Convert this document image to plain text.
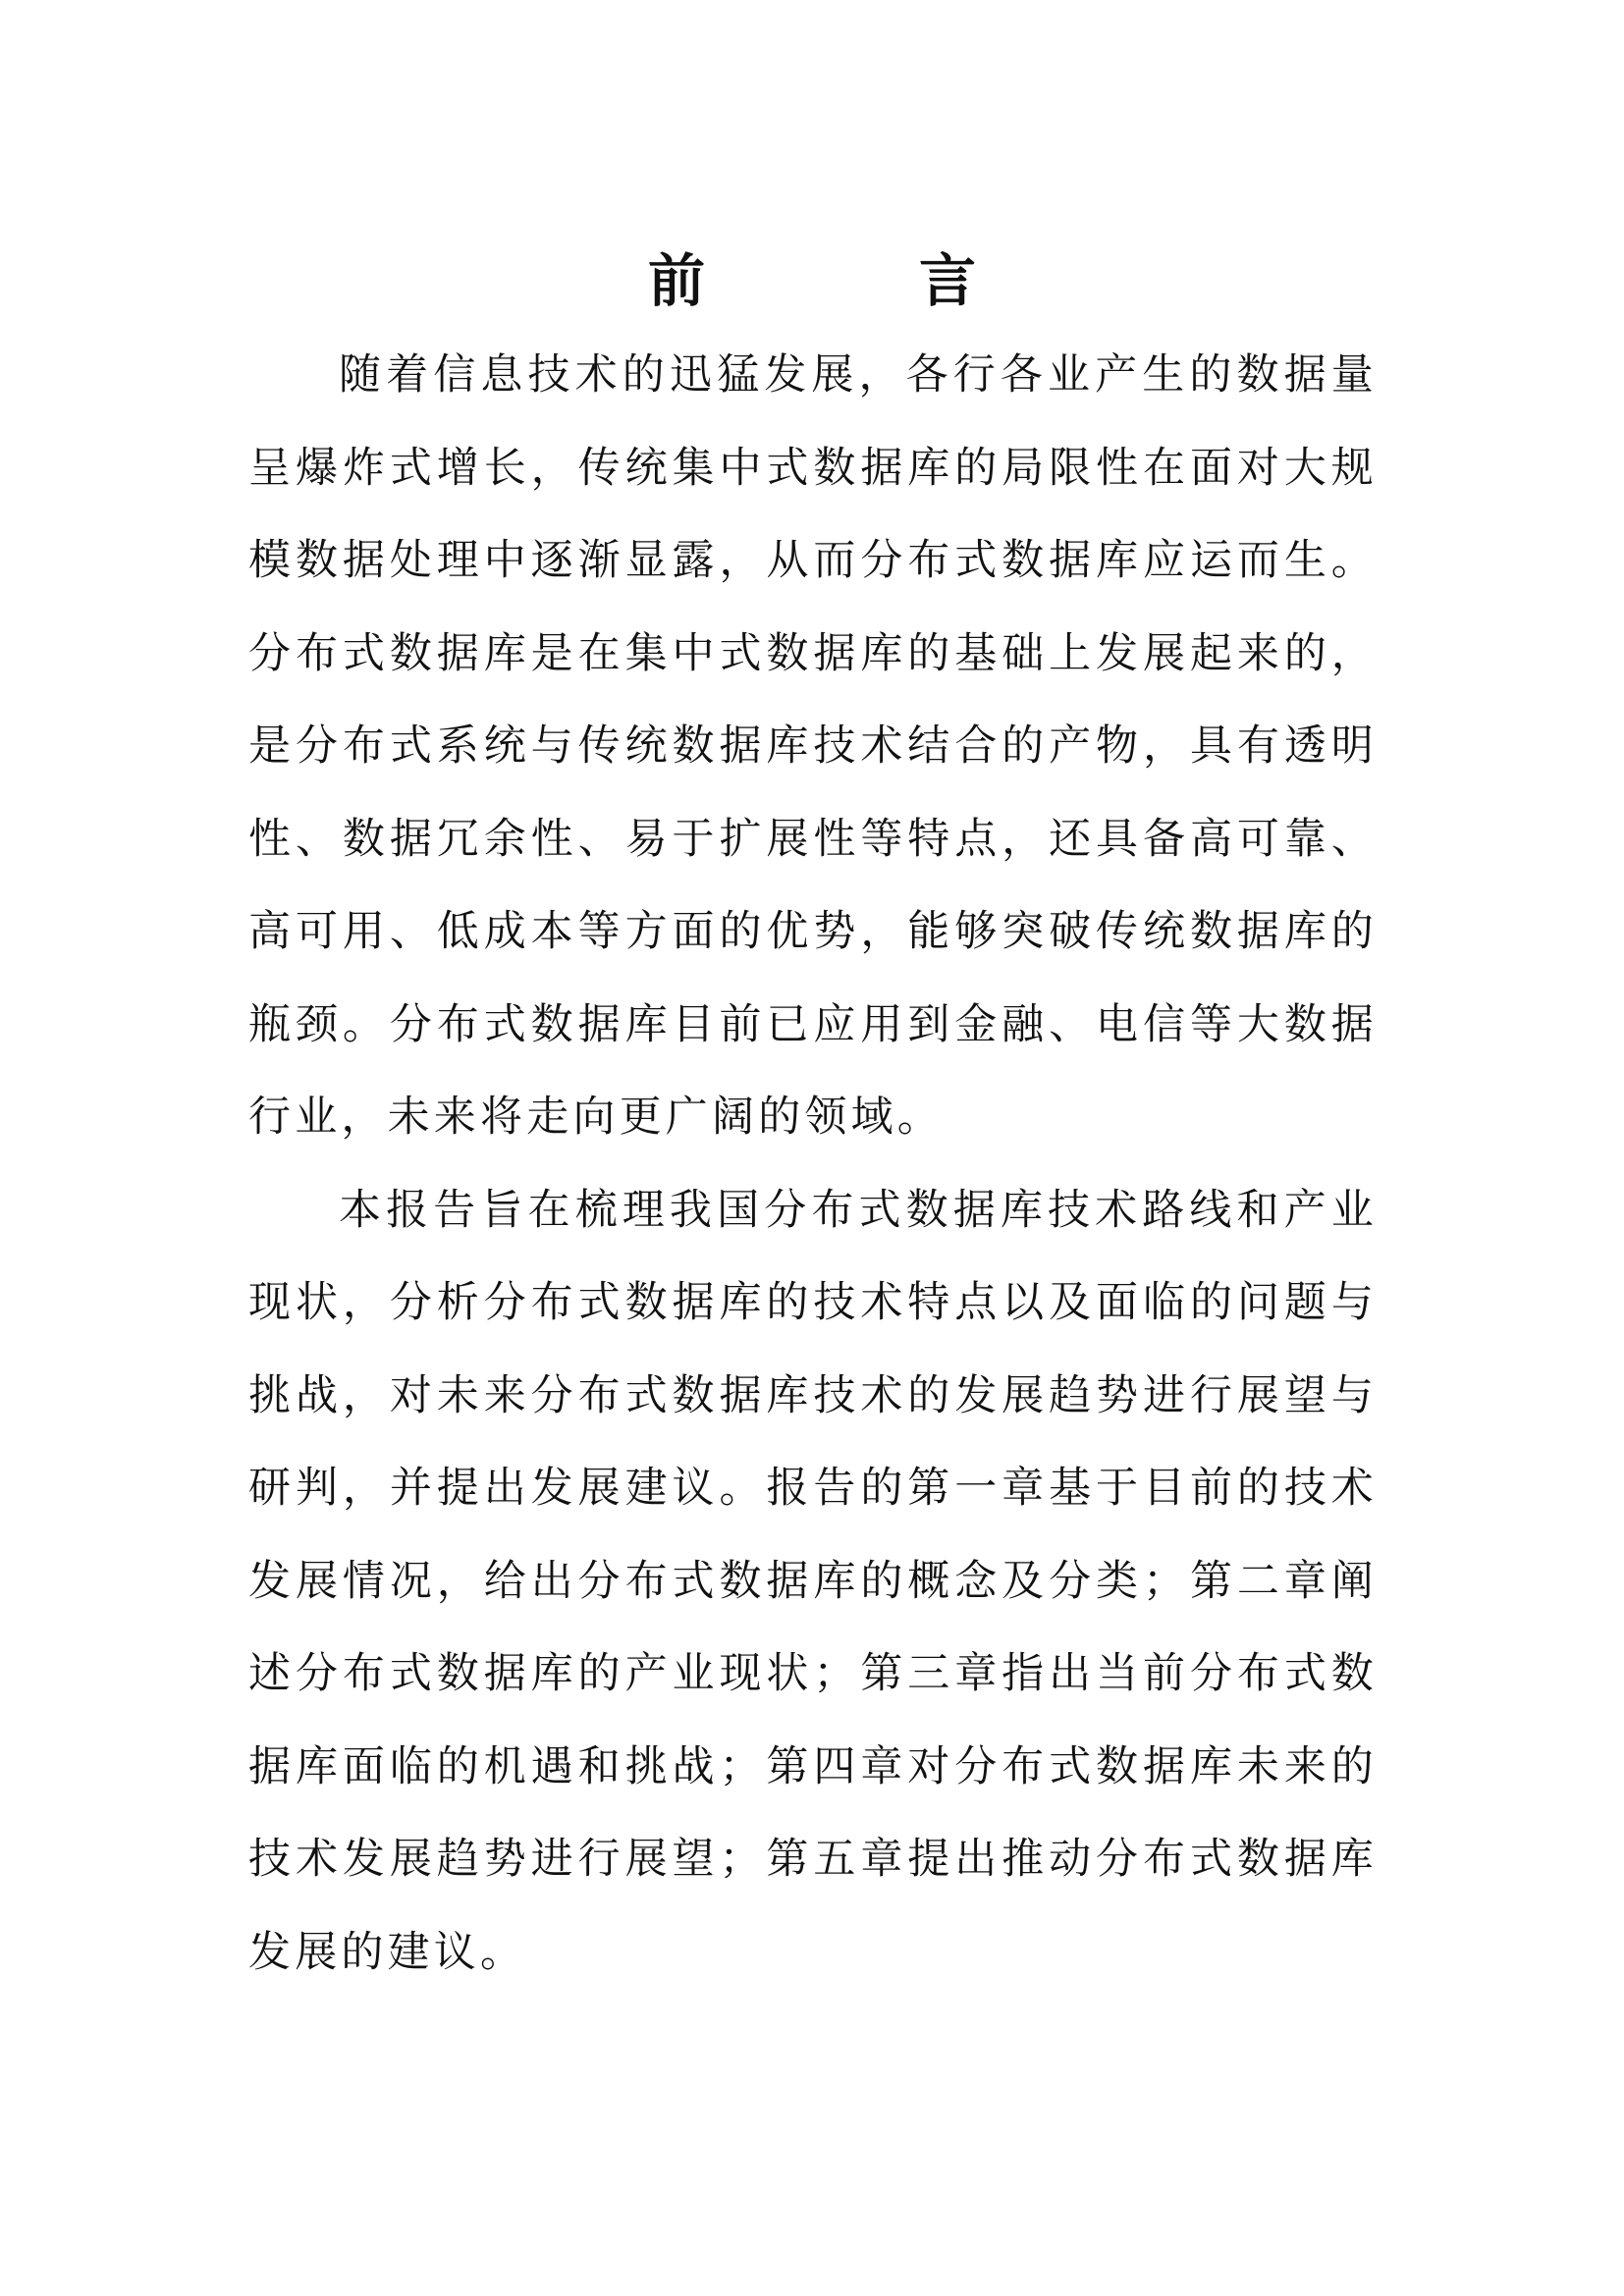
前　言

随着信息技术的迅猛发展，各行各业产生的数据量呈爆炸式增长，传统集中式数据库的局限性在面对大规模数据处理中逐渐显露，从而分布式数据库应运而生。分布式数据库是在集中式数据库的基础上发展起来的，是分布式系统与传统数据库技术结合的产物，具有透明性、数据冗余性、易于扩展性等特点，还具备高可靠、高可用、低成本等方面的优势，能够突破传统数据库的瓶颈。分布式数据库目前已应用到金融、电信等大数据行业，未来将走向更广阔的领域。

本报告旨在梳理我国分布式数据库技术路线和产业现状，分析分布式数据库的技术特点以及面临的问题与挑战，对未来分布式数据库技术的发展趋势进行展望与研判，并提出发展建议。报告的第一章基于目前的技术发展情况，给出分布式数据库的概念及分类；第二章阐述分布式数据库的产业现状；第三章指出当前分布式数据库面临的机遇和挑战；第四章对分布式数据库未来的技术发展趋势进行展望；第五章提出推动分布式数据库发展的建议。
